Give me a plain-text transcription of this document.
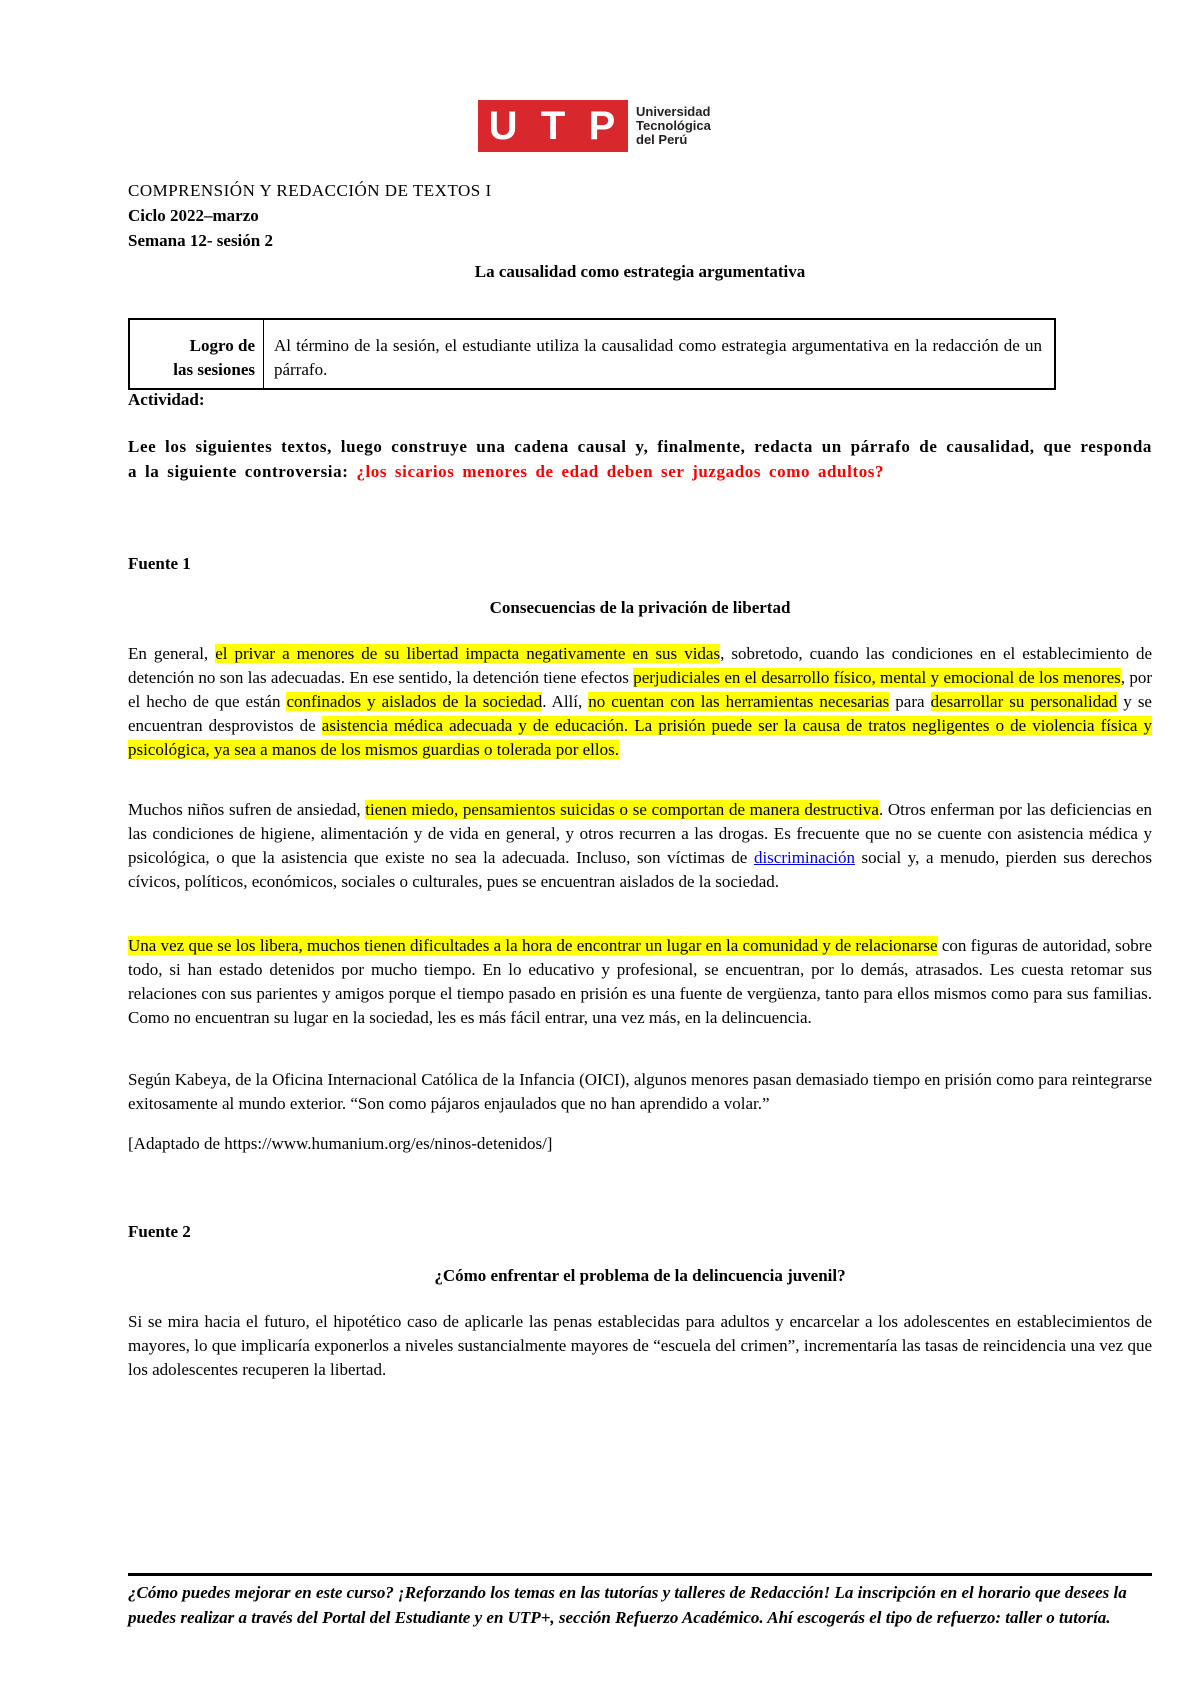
U T P Universidad
Tecnológica
del Perú
COMPRENSIÓN Y REDACCIÓN DE TEXTOS I
Ciclo 2022–marzo
Semana 12- sesión 2
La causalidad como estrategia argumentativa
Logro de
las sesiones
Al término de la sesión, el estudiante utiliza la causalidad como estrategia argumentativa en la redacción de un párrafo.
Actividad:
Lee los siguientes textos, luego construye una cadena causal y, finalmente, redacta un párrafo de causalidad, que responda a la siguiente controversia: ¿los sicarios menores de edad deben ser juzgados como adultos?
Fuente 1
Consecuencias de la privación de libertad
En general, el privar a menores de su libertad impacta negativamente en sus vidas, sobretodo, cuando las condiciones en el establecimiento de detención no son las adecuadas. En ese sentido, la detención tiene efectos perjudiciales en el desarrollo físico, mental y emocional de los menores, por el hecho de que están confinados y aislados de la sociedad. Allí, no cuentan con las herramientas necesarias para desarrollar su personalidad y se encuentran desprovistos de asistencia médica adecuada y de educación. La prisión puede ser la causa de tratos negligentes o de violencia física y psicológica, ya sea a manos de los mismos guardias o tolerada por ellos.
Muchos niños sufren de ansiedad, tienen miedo, pensamientos suicidas o se comportan de manera destructiva. Otros enferman por las deficiencias en las condiciones de higiene, alimentación y de vida en general, y otros recurren a las drogas. Es frecuente que no se cuente con asistencia médica y psicológica, o que la asistencia que existe no sea la adecuada. Incluso, son víctimas de discriminación social y, a menudo, pierden sus derechos cívicos, políticos, económicos, sociales o culturales, pues se encuentran aislados de la sociedad.
Una vez que se los libera, muchos tienen dificultades a la hora de encontrar un lugar en la comunidad y de relacionarse con figuras de autoridad, sobre todo, si han estado detenidos por mucho tiempo. En lo educativo y profesional, se encuentran, por lo demás, atrasados. Les cuesta retomar sus relaciones con sus parientes y amigos porque el tiempo pasado en prisión es una fuente de vergüenza, tanto para ellos mismos como para sus familias. Como no encuentran su lugar en la sociedad, les es más fácil entrar, una vez más, en la delincuencia.
Según Kabeya, de la Oficina Internacional Católica de la Infancia (OICI), algunos menores pasan demasiado tiempo en prisión como para reintegrarse exitosamente al mundo exterior. “Son como pájaros enjaulados que no han aprendido a volar.”
[Adaptado de https://www.humanium.org/es/ninos-detenidos/]
Fuente 2
¿Cómo enfrentar el problema de la delincuencia juvenil?
Si se mira hacia el futuro, el hipotético caso de aplicarle las penas establecidas para adultos y encarcelar a los adolescentes en establecimientos de mayores, lo que implicaría exponerlos a niveles sustancialmente mayores de “escuela del crimen”, incrementaría las tasas de reincidencia una vez que los adolescentes recuperen la libertad.
¿Cómo puedes mejorar en este curso? ¡Reforzando los temas en las tutorías y talleres de Redacción! La inscripción en el horario que desees la puedes realizar a través del Portal del Estudiante y en UTP+, sección Refuerzo Académico. Ahí escogerás el tipo de refuerzo: taller o tutoría.
